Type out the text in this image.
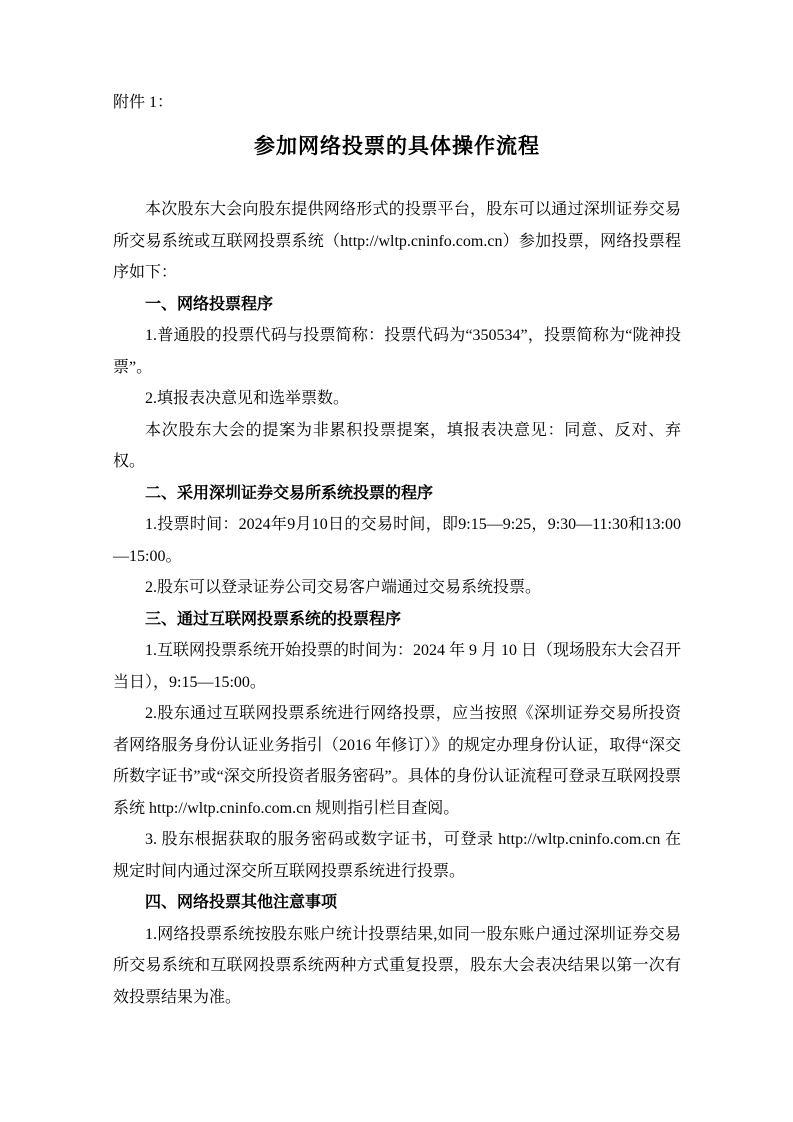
附件 1：

参加网络投票的具体操作流程

本次股东大会向股东提供网络形式的投票平台，股东可以通过深圳证券交易所交易系统或互联网投票系统（http://wltp.cninfo.com.cn）参加投票，网络投票程序如下：

一、网络投票程序

1.普通股的投票代码与投票简称：投票代码为“350534”，投票简称为“陇神投票”。

2.填报表决意见和选举票数。

本次股东大会的提案为非累积投票提案，填报表决意见：同意、反对、弃权。

二、采用深圳证券交易所系统投票的程序

1.投票时间：2024年9月10日的交易时间，即9:15—9:25，9:30—11:30和13:00—15:00。

2.股东可以登录证券公司交易客户端通过交易系统投票。

三、通过互联网投票系统的投票程序

1.互联网投票系统开始投票的时间为：2024 年 9 月 10 日（现场股东大会召开当日），9:15—15:00。

2.股东通过互联网投票系统进行网络投票，应当按照《深圳证券交易所投资者网络服务身份认证业务指引（2016 年修订）》的规定办理身份认证，取得“深交所数字证书”或“深交所投资者服务密码”。具体的身份认证流程可登录互联网投票系统 http://wltp.cninfo.com.cn 规则指引栏目查阅。

3. 股东根据获取的服务密码或数字证书，可登录 http://wltp.cninfo.com.cn 在规定时间内通过深交所互联网投票系统进行投票。

四、网络投票其他注意事项

1.网络投票系统按股东账户统计投票结果,如同一股东账户通过深圳证券交易所交易系统和互联网投票系统两种方式重复投票，股东大会表决结果以第一次有效投票结果为准。
